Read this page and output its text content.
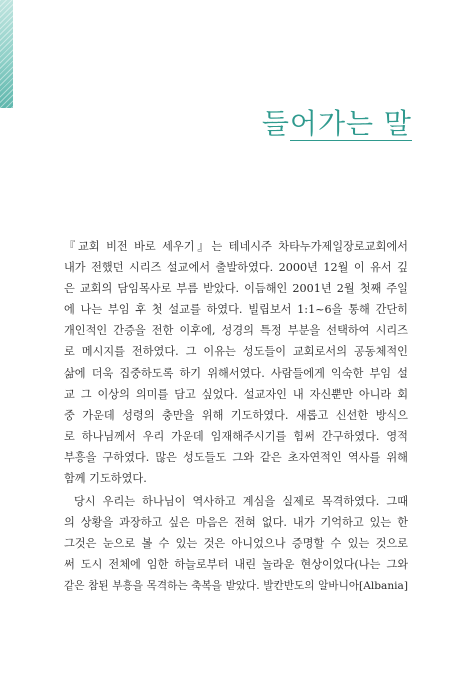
들어가는 말
『교회 비전 바로 세우기』는 테네시주 차타누가제일장로교회에서
내가 전했던 시리즈 설교에서 출발하였다. 2000년 12월 이 유서 깊
은 교회의 담임목사로 부름 받았다. 이듬해인 2001년 2월 첫째 주일
에 나는 부임 후 첫 설교를 하였다. 빌립보서 1:1~6을 통해 간단히
개인적인 간증을 전한 이후에, 성경의 특정 부분을 선택하여 시리즈
로 메시지를 전하였다. 그 이유는 성도들이 교회로서의 공동체적인
삶에 더욱 집중하도록 하기 위해서였다. 사람들에게 익숙한 부임 설
교 그 이상의 의미를 담고 싶었다. 설교자인 내 자신뿐만 아니라 회
중 가운데 성령의 충만을 위해 기도하였다. 새롭고 신선한 방식으
로 하나님께서 우리 가운데 임재해주시기를 힘써 간구하였다. 영적
부흥을 구하였다. 많은 성도들도 그와 같은 초자연적인 역사를 위해
함께 기도하였다.
당시 우리는 하나님이 역사하고 계심을 실제로 목격하였다. 그때
의 상황을 과장하고 싶은 마음은 전혀 없다. 내가 기억하고 있는 한
그것은 눈으로 볼 수 있는 것은 아니었으나 증명할 수 있는 것으로
써 도시 전체에 임한 하늘로부터 내린 놀라운 현상이었다(나는 그와
같은 참된 부흥을 목격하는 축복을 받았다. 발칸반도의 알바니아[Albania]
